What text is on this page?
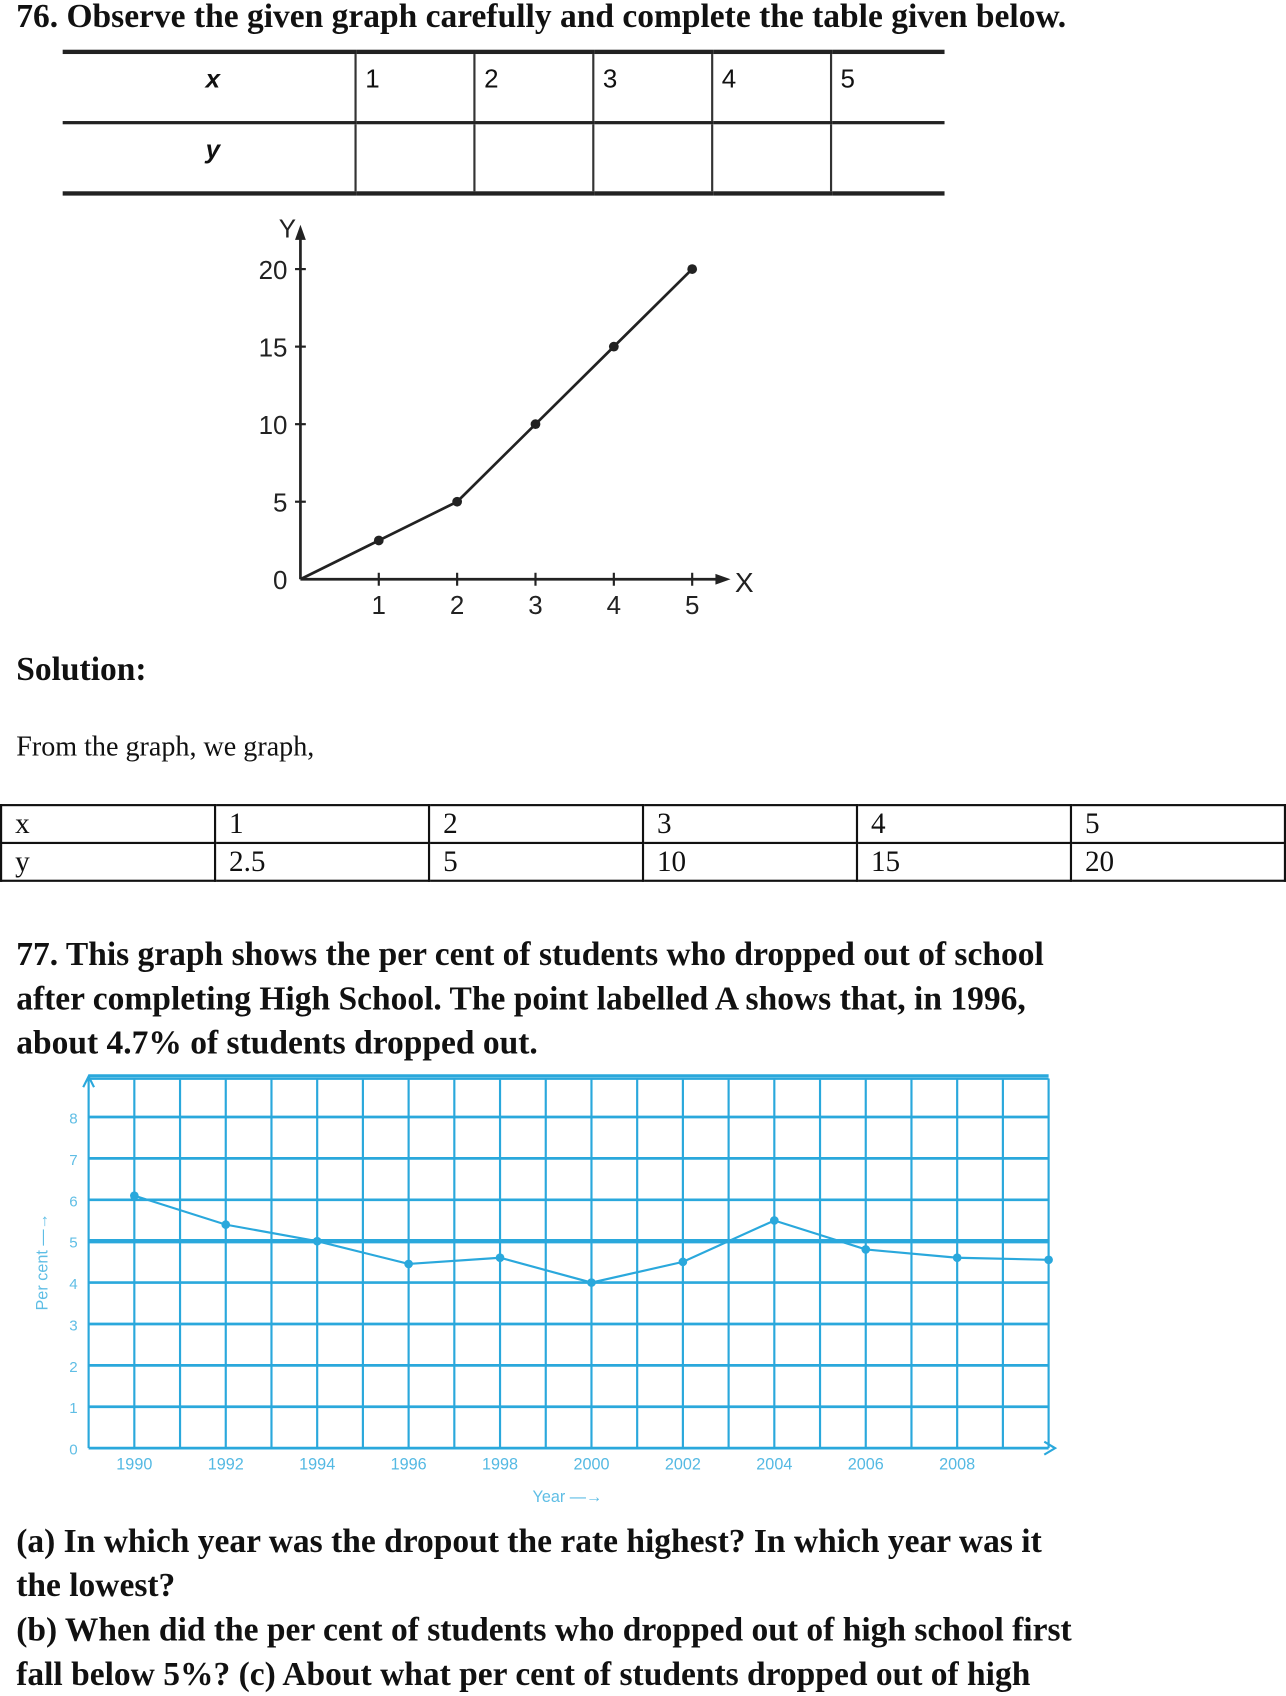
76. Observe the given graph carefully and complete the table given below.
x	1	2	3	4	5
y					
Y
X
0
5
10
15
20
1	2	3	4	5
Solution:
From the graph, we graph,
x	1	2	3	4	5
y	2.5	5	10	15	20
77. This graph shows the per cent of students who dropped out of school
after completing High School. The point labelled A shows that, in 1996,
about 4.7% of students dropped out.
0
1
2
3
4
5
6
7
8
1990	1992	1994	1996	1998	2000	2002	2004	2006	2008
Year —→
Per cent —→
(a) In which year was the dropout the rate highest? In which year was it
the lowest?
(b) When did the per cent of students who dropped out of high school first
fall below 5%? (c) About what per cent of students dropped out of high
